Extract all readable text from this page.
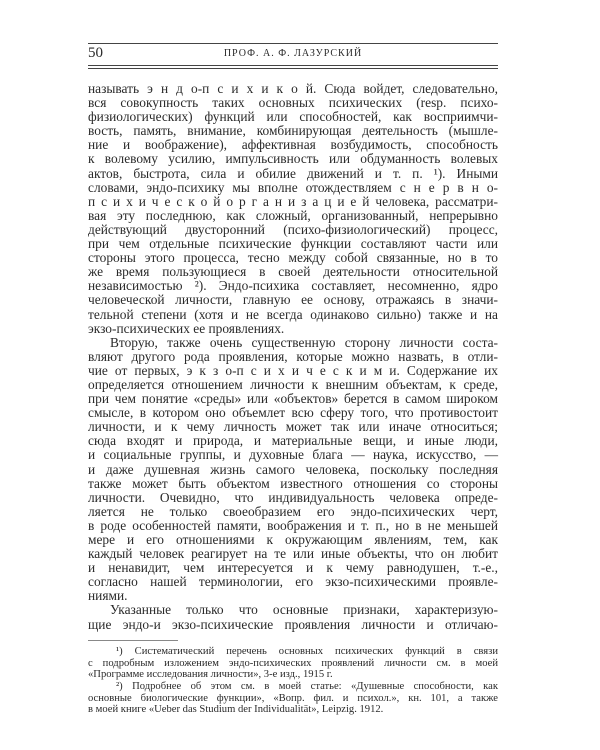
50	ПРОФ. А. Ф. ЛАЗУРСКИЙ
называть э н д о-п с и х и к о й. Сюда войдет, следовательно,
вся совокупность таких основных психических (resp. психо-
физиологических) функций или способностей, как восприимчи-
вость, память, внимание, комбинирующая деятельность (мышле-
ние и воображение), аффективная возбудимость, способность
к волевому усилию, импульсивность или обдуманность волевых
актов, быстрота, сила и обилие движений и т. п. ¹). Иными
словами, эндо-психику мы вполне отождествляем с н е р в н о-
п с и х и ч е с к о й о р г а н и з а ц и е й человека, рассматри-
вая эту последнюю, как сложный, организованный, непрерывно
действующий двусторонний (психо-физиологический) процесс,
при чем отдельные психические функции составляют части или
стороны этого процесса, тесно между собой связанные, но в то
же время пользующиеся в своей деятельности относительной
независимостью ²). Эндо-психика составляет, несомненно, ядро
человеческой личности, главную ее основу, отражаясь в значи-
тельной степени (хотя и не всегда одинаково сильно) также и на
экзо-психических ее проявлениях.
Вторую, также очень существенную сторону личности соста-
вляют другого рода проявления, которые можно назвать, в отли-
чие от первых, э к з о-п с и х и ч е с к и м и. Содержание их
определяется отношением личности к внешним объектам, к среде,
при чем понятие «среды» или «объектов» берется в самом широком
смысле, в котором оно объемлет всю сферу того, что противостоит
личности, и к чему личность может так или иначе относиться;
сюда входят и природа, и материальные вещи, и иные люди,
и социальные группы, и духовные блага — наука, искусство, —
и даже душевная жизнь самого человека, поскольку последняя
также может быть объектом известного отношения со стороны
личности. Очевидно, что индивидуальность человека опреде-
ляется не только своеобразием его эндо-психических черт,
в роде особенностей памяти, воображения и т. п., но в не меньшей
мере и его отношениями к окружающим явлениям, тем, как
каждый человек реагирует на те или иные объекты, что он любит
и ненавидит, чем интересуется и к чему равнодушен, т.-е.,
согласно нашей терминологии, его экзо-психическими проявле-
ниями.
Указанные только что основные признаки, характеризую-
щие эндо-и экзо-психические проявления личности и отличаю-
¹) Систематический перечень основных психических функций в связи
с подробным изложением эндо-психических проявлений личности см. в моей
«Программе исследования личности», 3-е изд., 1915 г.
²) Подробнее об этом см. в моей статье: «Душевные способности, как
основные биологические функции», «Вопр. фил. и психол.», кн. 101, а также
в моей книге «Ueber das Studium der Individualität», Leipzig. 1912.
